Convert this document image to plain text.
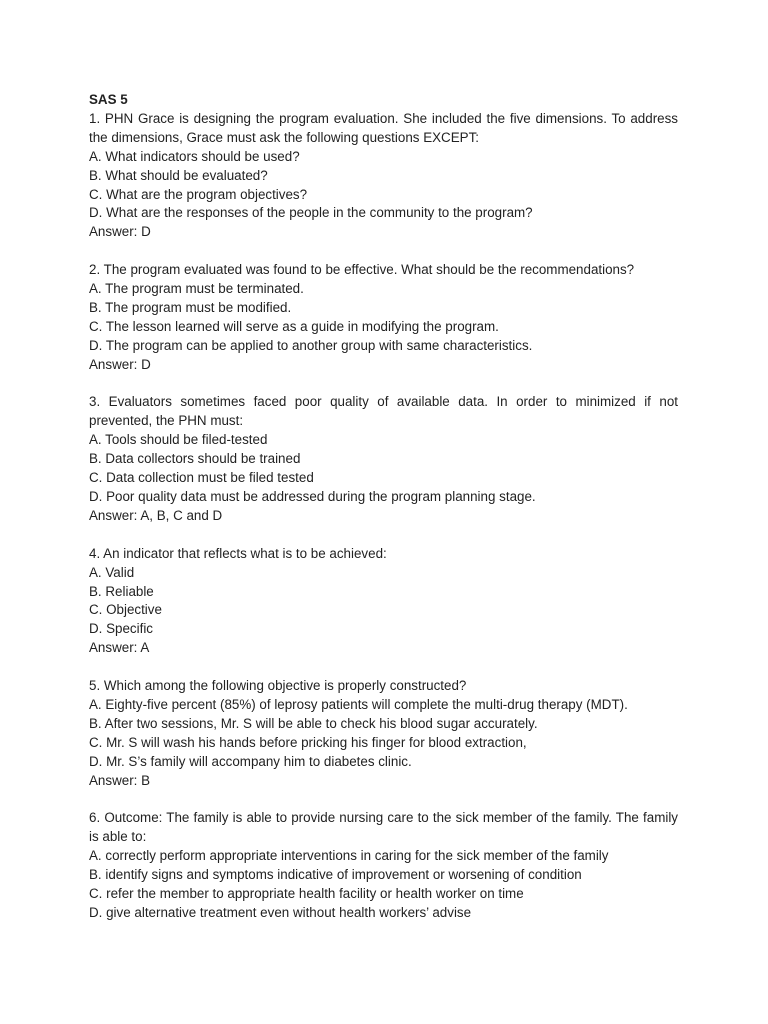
SAS 5

1. PHN Grace is designing the program evaluation. She included the five dimensions. To address the dimensions, Grace must ask the following questions EXCEPT:

A. What indicators should be used?
B. What should be evaluated?
C. What are the program objectives?
D. What are the responses of the people in the community to the program?

Answer: D

2. The program evaluated was found to be effective. What should be the recommendations?

A. The program must be terminated.
B. The program must be modified.
C. The lesson learned will serve as a guide in modifying the program.
D. The program can be applied to another group with same characteristics.

Answer: D

3. Evaluators sometimes faced poor quality of available data. In order to minimized if not prevented, the PHN must:

A. Tools should be filed-tested
B. Data collectors should be trained
C. Data collection must be filed tested
D. Poor quality data must be addressed during the program planning stage.

Answer: A, B, C and D

4. An indicator that reflects what is to be achieved:

A. Valid
B. Reliable
C. Objective
D. Specific

Answer: A

5. Which among the following objective is properly constructed?

A. Eighty-five percent (85%) of leprosy patients will complete the multi-drug therapy (MDT).
B. After two sessions, Mr. S will be able to check his blood sugar accurately.
C. Mr. S will wash his hands before pricking his finger for blood extraction,
D. Mr. S’s family will accompany him to diabetes clinic.

Answer: B

6. Outcome: The family is able to provide nursing care to the sick member of the family. The family is able to:

A. correctly perform appropriate interventions in caring for the sick member of the family
B. identify signs and symptoms indicative of improvement or worsening of condition
C. refer the member to appropriate health facility or health worker on time
D. give alternative treatment even without health workers’ advise
